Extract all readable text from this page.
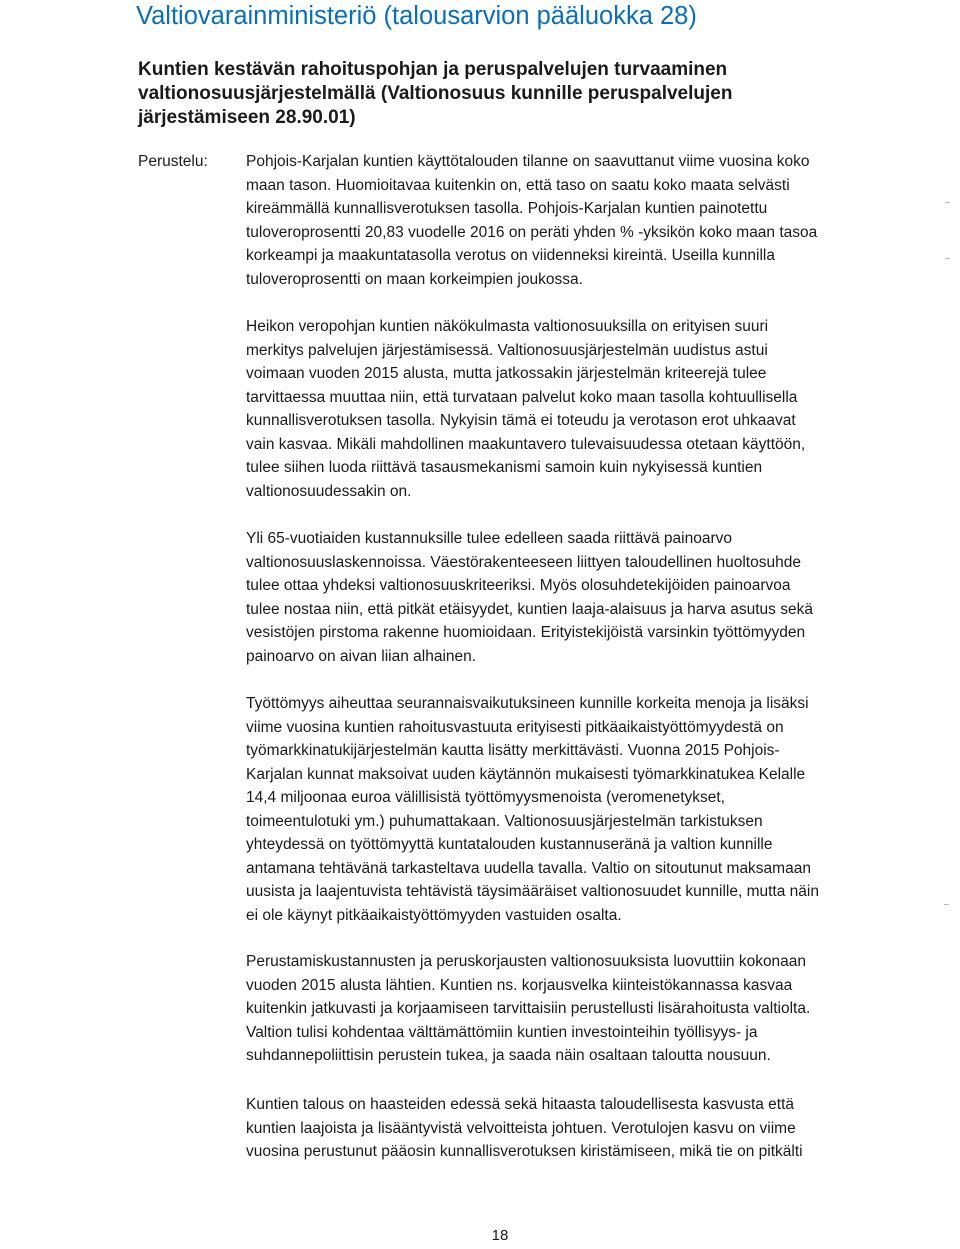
Valtiovarainministeriö (talousarvion pääluokka 28)
Kuntien kestävän rahoituspohjan ja peruspalvelujen turvaaminen valtionosuusjärjestelmällä (Valtionosuus kunnille peruspalvelujen järjestämiseen 28.90.01)
Perustelu: Pohjois-Karjalan kuntien käyttötalouden tilanne on saavuttanut viime vuosina koko
maan tason. Huomioitavaa kuitenkin on, että taso on saatu koko maata selvästi
kireämmällä kunnallisverotuksen tasolla. Pohjois-Karjalan kuntien painotettu
tuloveroprosentti 20,83 vuodelle 2016 on peräti yhden % -yksikön koko maan tasoa
korkeampi ja maakuntatasolla verotus on viidenneksi kireintä. Useilla kunnilla
tuloveroprosentti on maan korkeimpien joukossa.
Heikon veropohjan kuntien näkökulmasta valtionosuuksilla on erityisen suuri
merkitys palvelujen järjestämisessä. Valtionosuusjärjestelmän uudistus astui
voimaan vuoden 2015 alusta, mutta jatkossakin järjestelmän kriteerejä tulee
tarvittaessa muuttaa niin, että turvataan palvelut koko maan tasolla kohtuullisella
kunnallisverotuksen tasolla. Nykyisin tämä ei toteudu ja verotason erot uhkaavat
vain kasvaa. Mikäli mahdollinen maakuntavero tulevaisuudessa otetaan käyttöön,
tulee siihen luoda riittävä tasausmekanismi samoin kuin nykyisessä kuntien
valtionosuudessakin on.
Yli 65-vuotiaiden kustannuksille tulee edelleen saada riittävä painoarvo
valtionosuuslaskennoissa. Väestörakenteeseen liittyen taloudellinen huoltosuhde
tulee ottaa yhdeksi valtionosuuskriteeriksi. Myös olosuhdetekijöiden painoarvoa
tulee nostaa niin, että pitkät etäisyydet, kuntien laaja-alaisuus ja harva asutus sekä
vesistöjen pirstoma rakenne huomioidaan. Erityistekijöistä varsinkin työttömyyden
painoarvo on aivan liian alhainen.
Työttömyys aiheuttaa seurannaisvaikutuksineen kunnille korkeita menoja ja lisäksi
viime vuosina kuntien rahoitusvastuuta erityisesti pitkäaikaistyöttömyydestä on
työmarkkinatukijärjestelmän kautta lisätty merkittävästi. Vuonna 2015 Pohjois-
Karjalan kunnat maksoivat uuden käytännön mukaisesti työmarkkinatukea Kelalle
14,4 miljoonaa euroa välillisistä työttömyysmenoista (veromenetykset,
toimeentulotuki ym.) puhumattakaan. Valtionosuusjärjestelmän tarkistuksen
yhteydessä on työttömyyttä kuntatalouden kustannuseränä ja valtion kunnille
antamana tehtävänä tarkasteltava uudella tavalla. Valtio on sitoutunut maksamaan
uusista ja laajentuvista tehtävistä täysimääräiset valtionosuudet kunnille, mutta näin
ei ole käynyt pitkäaikaistyöttömyyden vastuiden osalta.
Perustamiskustannusten ja peruskorjausten valtionosuuksista luovuttiin kokonaan
vuoden 2015 alusta lähtien. Kuntien ns. korjausvelka kiinteistökannassa kasvaa
kuitenkin jatkuvasti ja korjaamiseen tarvittaisiin perustellusti lisärahoitusta valtiolta.
Valtion tulisi kohdentaa välttämättömiin kuntien investointeihin työllisyys- ja
suhdannepoliittisin perustein tukea, ja saada näin osaltaan taloutta nousuun.
Kuntien talous on haasteiden edessä sekä hitaasta taloudellisesta kasvusta että
kuntien laajoista ja lisääntyvistä velvoitteista johtuen. Verotulojen kasvu on viime
vuosina perustunut pääosin kunnallisverotuksen kiristämiseen, mikä tie on pitkälti
18
